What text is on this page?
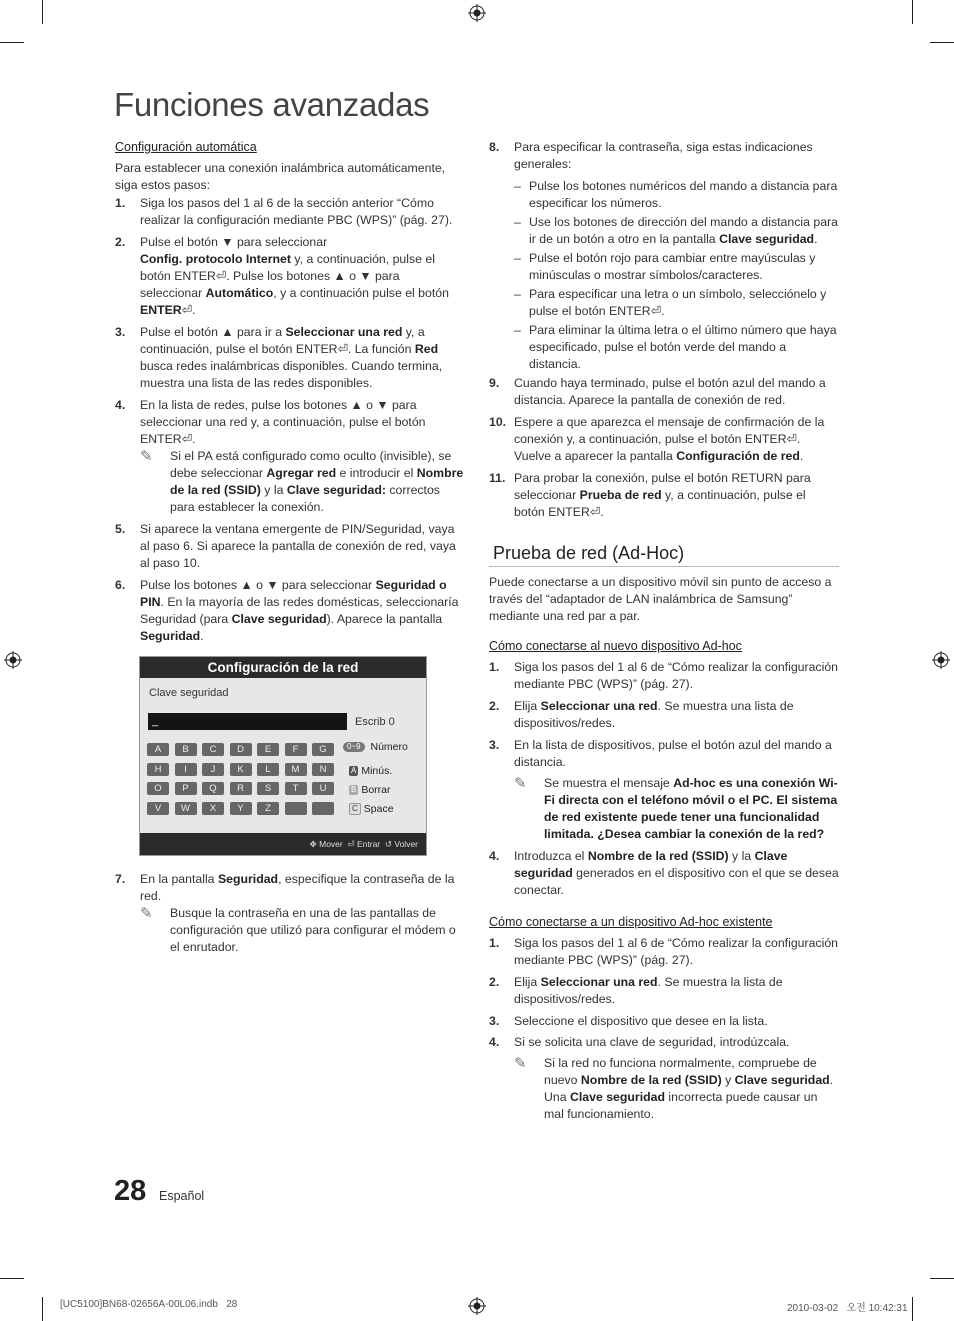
Funciones avanzadas

Configuración automática

Para establecer una conexión inalámbrica automáticamente, siga estos pasos:

1. Siga los pasos del 1 al 6 de la sección anterior “Cómo realizar la configuración mediante PBC (WPS)” (pág. 27).

2. Pulse el botón ▼ para seleccionar
Config. protocolo Internet y, a continuación, pulse el botón ENTER⏎. Pulse los botones ▲ o ▼ para seleccionar Automático, y a continuación pulse el botón ENTER⏎.

3. Pulse el botón ▲ para ir a Seleccionar una red y, a continuación, pulse el botón ENTER⏎. La función Red busca redes inalámbricas disponibles. Cuando termina, muestra una lista de las redes disponibles.

4. En la lista de redes, pulse los botones ▲ o ▼ para seleccionar una red y, a continuación, pulse el botón ENTER⏎.

✎ Si el PA está configurado como oculto (invisible), se debe seleccionar Agregar red e introducir el Nombre de la red (SSID) y la Clave seguridad: correctos para establecer la conexión.

5. Si aparece la ventana emergente de PIN/Seguridad, vaya al paso 6. Si aparece la pantalla de conexión de red, vaya al paso 10.

6. Pulse los botones ▲ o ▼ para seleccionar Seguridad o PIN. En la mayoría de las redes domésticas, seleccionaría Seguridad (para Clave seguridad). Aparece la pantalla Seguridad.

Configuración de la red
Clave seguridad
_	Escrib 0
A	B	C	D	E	F	G
H	I	J	K	L	M	N
O	P	Q	R	S	T	U
V	W	X	Y	Z
0~9 Número
A Minús.
B Borrar
C Space
✥ Mover ⏎ Entrar ↺ Volver

7. En la pantalla Seguridad, especifique la contraseña de la red.

✎ Busque la contraseña en una de las pantallas de configuración que utilizó para configurar el módem o el enrutador.

8. Para especificar la contraseña, siga estas indicaciones generales:

– Pulse los botones numéricos del mando a distancia para especificar los números.

– Use los botones de dirección del mando a distancia para ir de un botón a otro en la pantalla Clave seguridad.

– Pulse el botón rojo para cambiar entre mayúsculas y minúsculas o mostrar símbolos/caracteres.

– Para especificar una letra o un símbolo, selecciónelo y pulse el botón ENTER⏎.

– Para eliminar la última letra o el último número que haya especificado, pulse el botón verde del mando a distancia.

9. Cuando haya terminado, pulse el botón azul del mando a distancia. Aparece la pantalla de conexión de red.

10. Espere a que aparezca el mensaje de confirmación de la conexión y, a continuación, pulse el botón ENTER⏎. Vuelve a aparecer la pantalla Configuración de red.

11. Para probar la conexión, pulse el botón RETURN para seleccionar Prueba de red y, a continuación, pulse el botón ENTER⏎.

Prueba de red (Ad-Hoc)

Puede conectarse a un dispositivo móvil sin punto de acceso a través del “adaptador de LAN inalámbrica de Samsung” mediante una red par a par.

Cómo conectarse al nuevo dispositivo Ad-hoc

1. Siga los pasos del 1 al 6 de “Cómo realizar la configuración mediante PBC (WPS)” (pág. 27).

2. Elija Seleccionar una red. Se muestra una lista de dispositivos/redes.

3. En la lista de dispositivos, pulse el botón azul del mando a distancia.

✎ Se muestra el mensaje Ad-hoc es una conexión Wi-Fi directa con el teléfono móvil o el PC. El sistema de red existente puede tener una funcionalidad limitada. ¿Desea cambiar la conexión de la red?

4. Introduzca el Nombre de la red (SSID) y la Clave seguridad generados en el dispositivo con el que se desea conectar.

Cómo conectarse a un dispositivo Ad-hoc existente

1. Siga los pasos del 1 al 6 de “Cómo realizar la configuración mediante PBC (WPS)” (pág. 27).

2. Elija Seleccionar una red. Se muestra la lista de dispositivos/redes.

3. Seleccione el dispositivo que desee en la lista.

4. Si se solicita una clave de seguridad, introdúzcala.

✎ Si la red no funciona normalmente, compruebe de nuevo Nombre de la red (SSID) y Clave seguridad. Una Clave seguridad incorrecta puede causar un mal funcionamiento.

28 Español
[UC5100]BN68-02656A-00L06.indb   28	2010-03-02   오전 10:42:31
